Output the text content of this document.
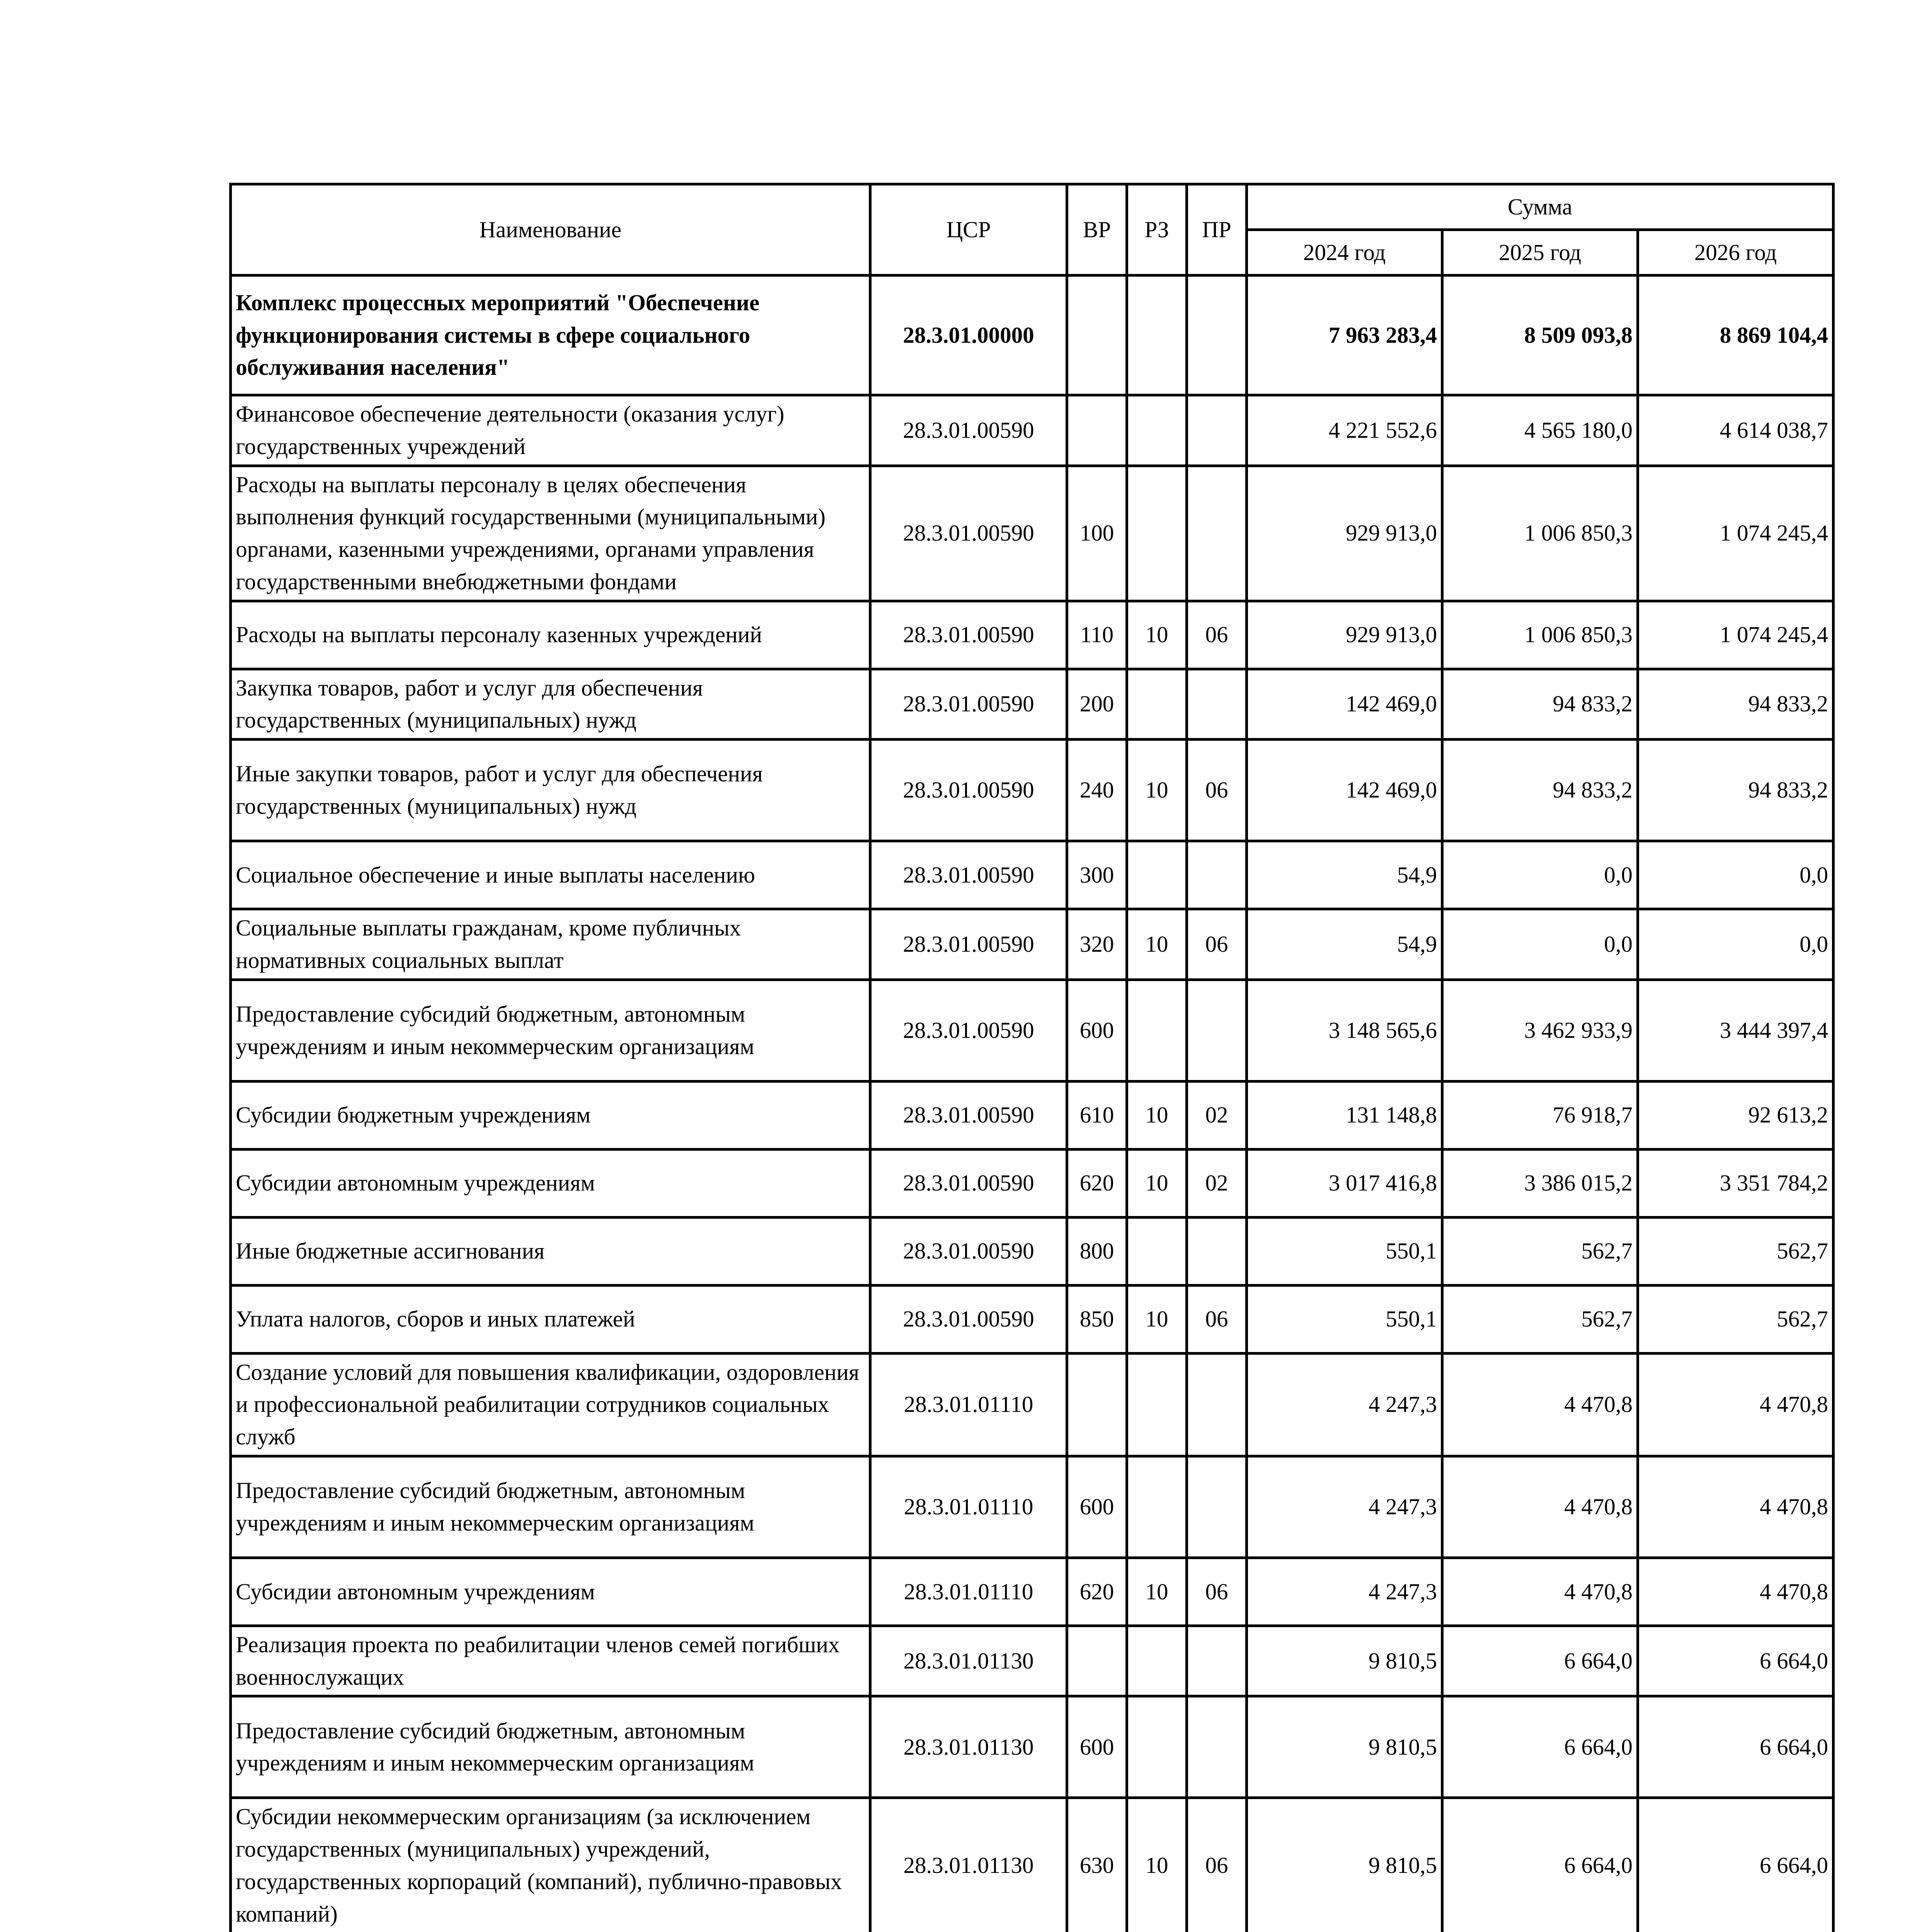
Наименование	ЦСР	ВР	РЗ	ПР	Сумма		
					2024 год	2025 год	2026 год
Комплекс процессных мероприятий "Обеспечение функционирования системы в сфере социального обслуживания населения"	28.3.01.00000				7 963 283,4	8 509 093,8	8 869 104,4
Финансовое обеспечение деятельности (оказания услуг) государственных учреждений	28.3.01.00590				4 221 552,6	4 565 180,0	4 614 038,7
Расходы на выплаты персоналу в целях обеспечения выполнения функций государственными (муниципальными) органами, казенными учреждениями, органами управления государственными внебюджетными фондами	28.3.01.00590	100			929 913,0	1 006 850,3	1 074 245,4
Расходы на выплаты персоналу казенных учреждений	28.3.01.00590	110	10	06	929 913,0	1 006 850,3	1 074 245,4
Закупка товаров, работ и услуг для обеспечения государственных (муниципальных) нужд	28.3.01.00590	200			142 469,0	94 833,2	94 833,2
Иные закупки товаров, работ и услуг для обеспечения государственных (муниципальных) нужд	28.3.01.00590	240	10	06	142 469,0	94 833,2	94 833,2
Социальное обеспечение и иные выплаты населению	28.3.01.00590	300			54,9	0,0	0,0
Социальные выплаты гражданам, кроме публичных нормативных социальных выплат	28.3.01.00590	320	10	06	54,9	0,0	0,0
Предоставление субсидий бюджетным, автономным учреждениям и иным некоммерческим организациям	28.3.01.00590	600			3 148 565,6	3 462 933,9	3 444 397,4
Субсидии бюджетным учреждениям	28.3.01.00590	610	10	02	131 148,8	76 918,7	92 613,2
Субсидии автономным учреждениям	28.3.01.00590	620	10	02	3 017 416,8	3 386 015,2	3 351 784,2
Иные бюджетные ассигнования	28.3.01.00590	800			550,1	562,7	562,7
Уплата налогов, сборов и иных платежей	28.3.01.00590	850	10	06	550,1	562,7	562,7
Создание условий для повышения квалификации, оздоровления и профессиональной реабилитации сотрудников социальных служб	28.3.01.01110				4 247,3	4 470,8	4 470,8
Предоставление субсидий бюджетным, автономным учреждениям и иным некоммерческим организациям	28.3.01.01110	600			4 247,3	4 470,8	4 470,8
Субсидии автономным учреждениям	28.3.01.01110	620	10	06	4 247,3	4 470,8	4 470,8
Реализация проекта по реабилитации членов семей погибших военнослужащих	28.3.01.01130				9 810,5	6 664,0	6 664,0
Предоставление субсидий бюджетным, автономным учреждениям и иным некоммерческим организациям	28.3.01.01130	600			9 810,5	6 664,0	6 664,0
Субсидии некоммерческим организациям (за исключением государственных (муниципальных) учреждений, государственных корпораций (компаний), публично-правовых компаний)	28.3.01.01130	630	10	06	9 810,5	6 664,0	6 664,0
